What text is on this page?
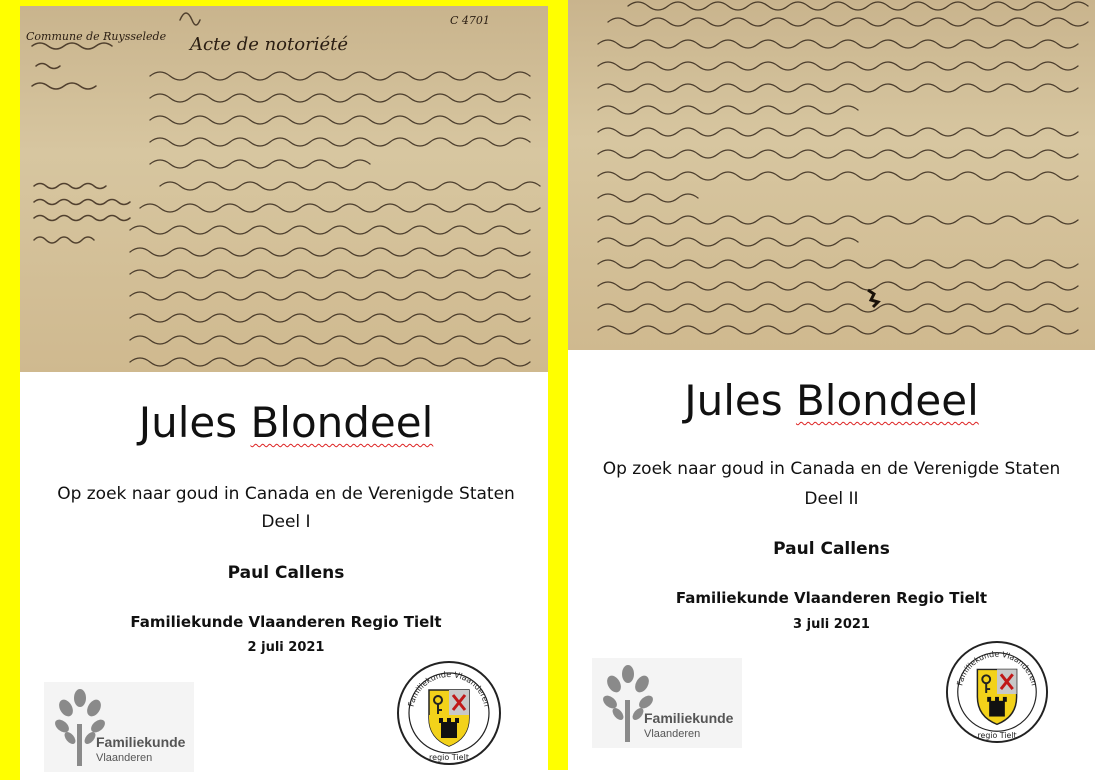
Acte de notoriété
Commune de Ruysselede
C 4701
Jules Blondeel
Op zoek naar goud in Canada en de Verenigde Staten
Deel I
Paul Callens
Familiekunde Vlaanderen Regio Tielt
2 juli 2021
Familiekunde
Vlaanderen
Familiekunde Vlaanderen
regio Tielt
Jules Blondeel
Op zoek naar goud in Canada en de Verenigde Staten
Deel II
Paul Callens
Familiekunde Vlaanderen Regio Tielt
3 juli 2021
Familiekunde
Vlaanderen
Familiekunde Vlaanderen
regio Tielt
